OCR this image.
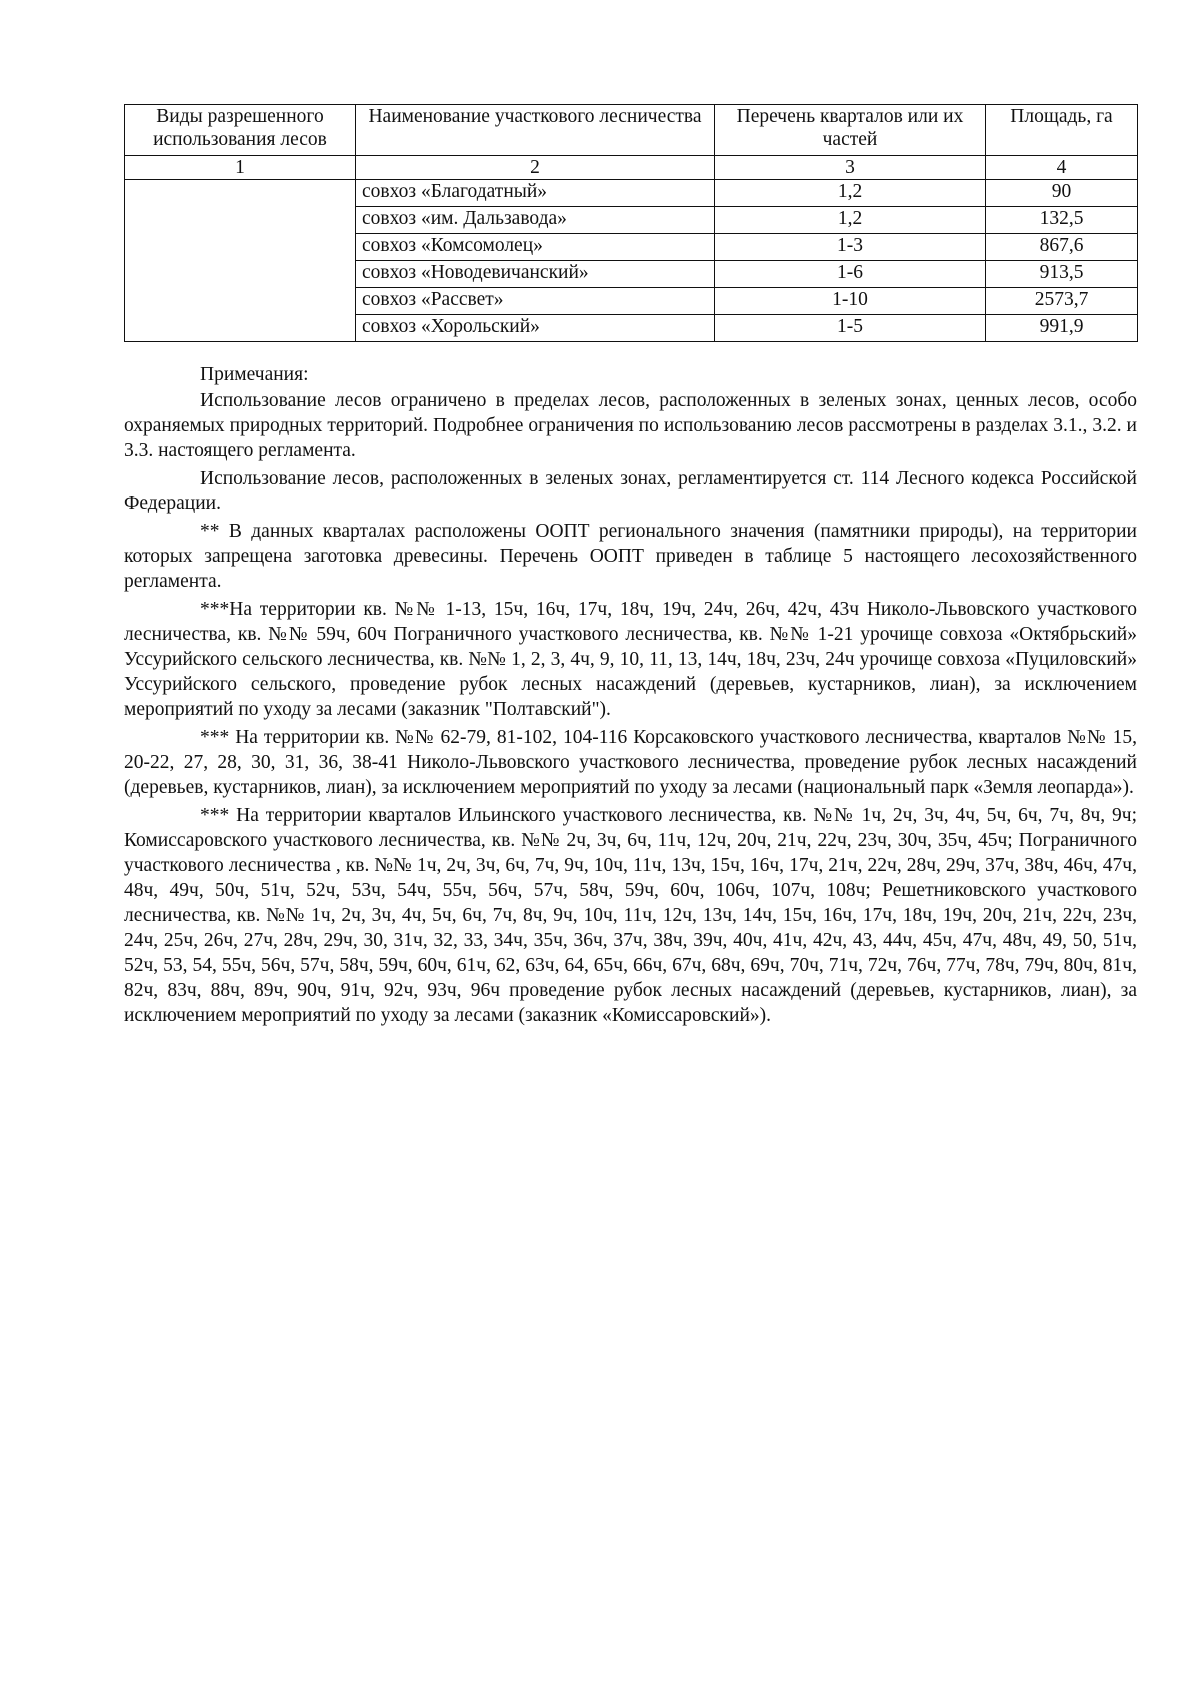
Виды разрешенного использования лесов	Наименование участкового лесничества	Перечень кварталов или их частей	Площадь, га
1	2	3	4
	совхоз «Благодатный»	1,2	90
	совхоз «им. Дальзавода»	1,2	132,5
	совхоз «Комсомолец»	1-3	867,6
	совхоз «Новодевичанский»	1-6	913,5
	совхоз «Рассвет»	1-10	2573,7
	совхоз «Хорольский»	1-5	991,9

Примечания:

Использование лесов ограничено в пределах лесов, расположенных в зеленых зонах, ценных лесов, особо охраняемых природных территорий. Подробнее ограничения по использованию лесов рассмотрены в разделах 3.1., 3.2. и 3.3. настоящего регламента.

Использование лесов, расположенных в зеленых зонах, регламентируется ст. 114 Лесного кодекса Российской Федерации.

** В данных кварталах расположены ООПТ регионального значения (памятники природы), на территории которых запрещена заготовка древесины. Перечень ООПТ приведен в таблице 5 настоящего лесохозяйственного регламента.

***На территории кв. №№ 1-13, 15ч, 16ч, 17ч, 18ч, 19ч, 24ч, 26ч, 42ч, 43ч Николо-Львовского участкового лесничества, кв. №№ 59ч, 60ч Пограничного участкового лесничества, кв. №№ 1-21 урочище совхоза «Октябрьский» Уссурийского сельского лесничества, кв. №№ 1, 2, 3, 4ч, 9, 10, 11, 13, 14ч, 18ч, 23ч, 24ч урочище совхоза «Пуциловский» Уссурийского сельского, проведение рубок лесных насаждений (деревьев, кустарников, лиан), за исключением мероприятий по уходу за лесами (заказник "Полтавский").

*** На территории кв. №№ 62-79, 81-102, 104-116 Корсаковского участкового лесничества, кварталов №№ 15, 20-22, 27, 28, 30, 31, 36, 38-41 Николо-Львовского участкового лесничества, проведение рубок лесных насаждений (деревьев, кустарников, лиан), за исключением мероприятий по уходу за лесами (национальный парк «Земля леопарда»).

*** На территории кварталов Ильинского участкового лесничества, кв. №№ 1ч, 2ч, 3ч, 4ч, 5ч, 6ч, 7ч, 8ч, 9ч; Комиссаровского участкового лесничества, кв. №№ 2ч, 3ч, 6ч, 11ч, 12ч, 20ч, 21ч, 22ч, 23ч, 30ч, 35ч, 45ч; Пограничного участкового лесничества , кв. №№ 1ч, 2ч, 3ч, 6ч, 7ч, 9ч, 10ч, 11ч, 13ч, 15ч, 16ч, 17ч, 21ч, 22ч, 28ч, 29ч, 37ч, 38ч, 46ч, 47ч, 48ч, 49ч, 50ч, 51ч, 52ч, 53ч, 54ч, 55ч, 56ч, 57ч, 58ч, 59ч, 60ч, 106ч, 107ч, 108ч; Решетниковского участкового лесничества, кв. №№ 1ч, 2ч, 3ч, 4ч, 5ч, 6ч, 7ч, 8ч, 9ч, 10ч, 11ч, 12ч, 13ч, 14ч, 15ч, 16ч, 17ч, 18ч, 19ч, 20ч, 21ч, 22ч, 23ч, 24ч, 25ч, 26ч, 27ч, 28ч, 29ч, 30, 31ч, 32, 33, 34ч, 35ч, 36ч, 37ч, 38ч, 39ч, 40ч, 41ч, 42ч, 43, 44ч, 45ч, 47ч, 48ч, 49, 50, 51ч, 52ч, 53, 54, 55ч, 56ч, 57ч, 58ч, 59ч, 60ч, 61ч, 62, 63ч, 64, 65ч, 66ч, 67ч, 68ч, 69ч, 70ч, 71ч, 72ч, 76ч, 77ч, 78ч, 79ч, 80ч, 81ч, 82ч, 83ч, 88ч, 89ч, 90ч, 91ч, 92ч, 93ч, 96ч проведение рубок лесных насаждений (деревьев, кустарников, лиан), за исключением мероприятий по уходу за лесами (заказник «Комиссаровский»).
